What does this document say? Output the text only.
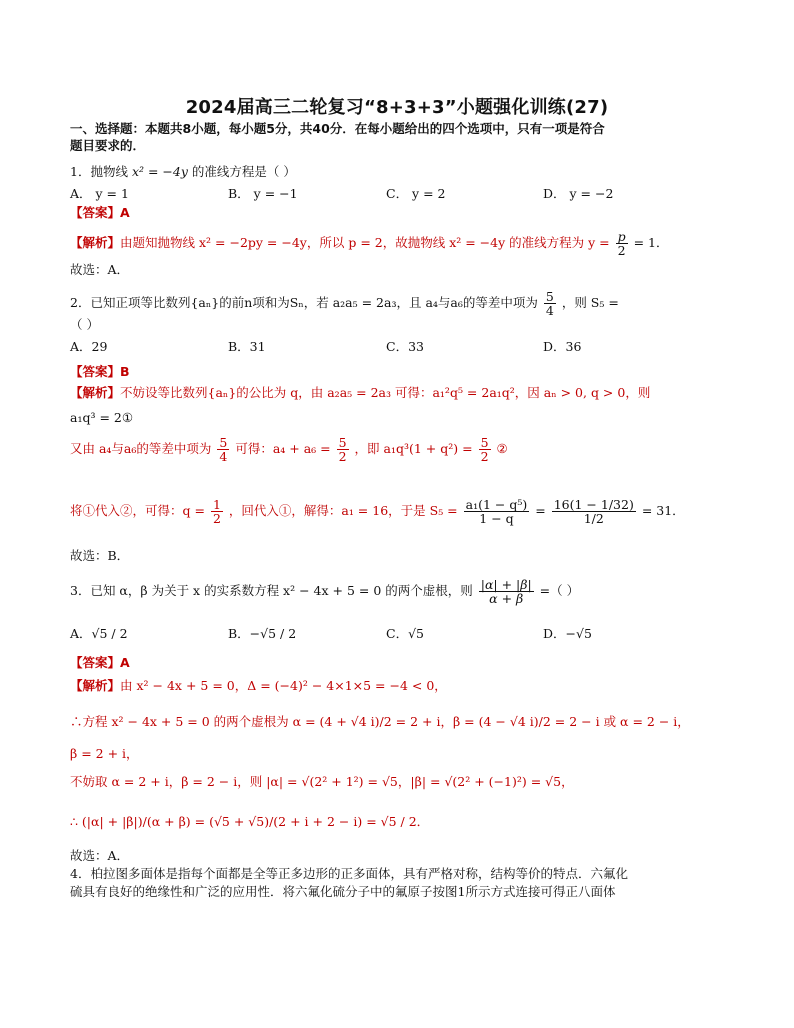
2024届高三二轮复习“8+3+3”小题强化训练(27)
一、选择题：本题共8小题，每小题5分，共40分．在每小题给出的四个选项中，只有一项是符合
题目要求的．
1．抛物线 x² = −4y 的准线方程是（ ）
A． y = 1	B． y = −1	C． y = 2	D． y = −2
【答案】A
【解析】由题知抛物线 x² = −2py = −4y，所以 p = 2，故抛物线 x² = −4y 的准线方程为 $y = \frac{p}{2} = 1$．
故选：A．
2．已知正项等比数列{aₙ}的前n项和为Sₙ，若 a₂a₅ = 2a₃，且 a₄与a₆的等差中项为 $\frac{5}{4}$ ，则 S₅ =
（ ）
A．29	B．31	C．33	D．36
【答案】B
【解析】不妨设等比数列{aₙ}的公比为 q，由 a₂a₅ = 2a₃ 可得：a₁²q⁵ = 2a₁q²，因 aₙ > 0, q > 0，则
a₁q³ = 2①
又由 a₄与a₆的等差中项为 $\frac{5}{4}$ 可得：$a_4 + a_6 = \frac{5}{2}$ ，即 $a_1q^3(1 + q^2) = \frac{5}{2}$ ②
将①代入②，可得：$q = \frac{1}{2}$ ，回代入①，解得：a₁ = 16，于是 $S_5 = \frac{\text{a₁(1 − q⁵)}}{1 - q} = \frac{16(1 - 1/32)}{1/2} = 31$．
故选：B．
3．已知 α，β 为关于 x 的实系数方程 x² − 4x + 5 = 0 的两个虚根，则 $\frac{|\alpha| + |\beta|}{\alpha + \beta}$ =（ ）
A．√5 / 2	B．−√5 / 2	C．√5	D．−√5
【答案】A
【解析】由 x² − 4x + 5 = 0，Δ = (−4)² − 4×1×5 = −4 < 0，
∴方程 x² − 4x + 5 = 0 的两个虚根为 α = (4 + √4 i)/2 = 2 + i，β = (4 − √4 i)/2 = 2 − i 或 α = 2 − i，
β = 2 + i，
不妨取 α = 2 + i，β = 2 − i，则 |α| = √(2² + 1²) = √5，|β| = √(2² + (−1)²) = √5，
∴ (|α| + |β|)/(α + β) = (√5 + √5)/(2 + i + 2 − i) = √5 / 2．
故选：A．
4．柏拉图多面体是指每个面都是全等正多边形的正多面体，具有严格对称，结构等价的特点．六氟化
硫具有良好的绝缘性和广泛的应用性．将六氟化硫分子中的氟原子按图1所示方式连接可得正八面体
